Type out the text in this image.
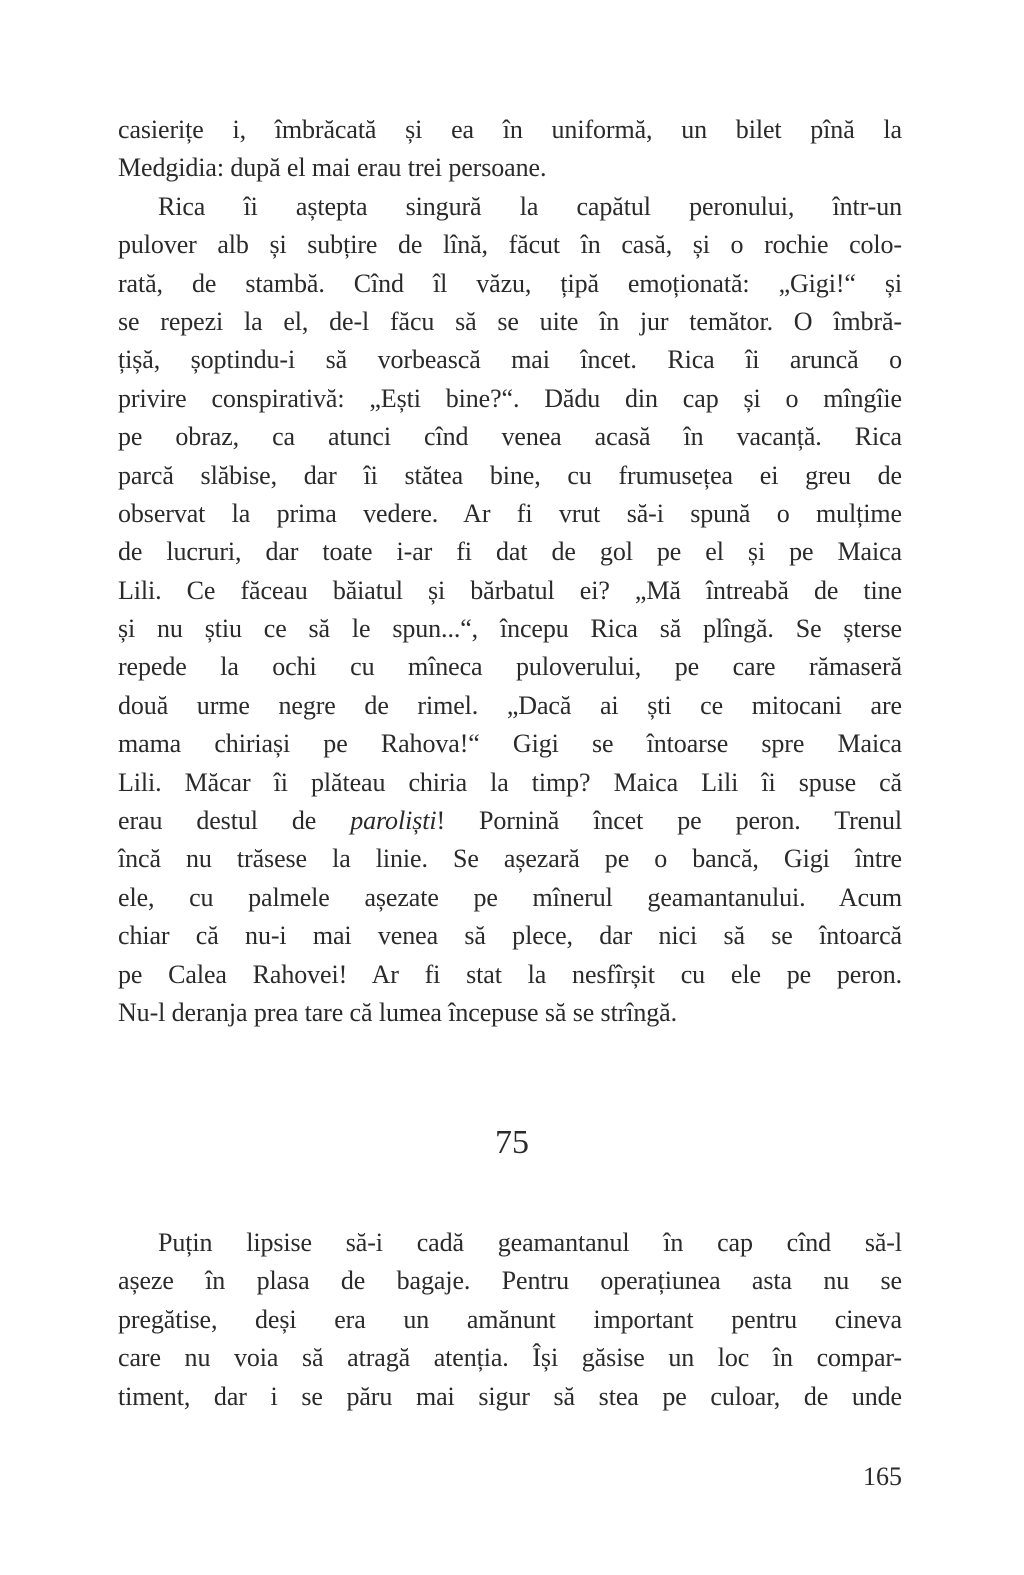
casierițe i, îmbrăcată și ea în uniformă, un bilet pînă la
Medgidia: după el mai erau trei persoane.
Rica îi aștepta singură la capătul peronului, într-un
pulover alb și subțire de lînă, făcut în casă, și o rochie colo-
rată, de stambă. Cînd îl văzu, țipă emoționată: „Gigi!“ și
se repezi la el, de-l făcu să se uite în jur temător. O îmbră-
țișă, șoptindu-i să vorbească mai încet. Rica îi aruncă o
privire conspirativă: „Ești bine?“. Dădu din cap și o mîngîie
pe obraz, ca atunci cînd venea acasă în vacanță. Rica
parcă slăbise, dar îi stătea bine, cu frumusețea ei greu de
observat la prima vedere. Ar fi vrut să-i spună o mulțime
de lucruri, dar toate i-ar fi dat de gol pe el și pe Maica
Lili. Ce făceau băiatul și bărbatul ei? „Mă întreabă de tine
și nu știu ce să le spun...“, începu Rica să plîngă. Se șterse
repede la ochi cu mîneca puloverului, pe care rămaseră
două urme negre de rimel. „Dacă ai ști ce mitocani are
mama chiriași pe Rahova!“ Gigi se întoarse spre Maica
Lili. Măcar îi plăteau chiria la timp? Maica Lili îi spuse că
erau destul de paroliști! Pornină încet pe peron. Trenul
încă nu trăsese la linie. Se așezară pe o bancă, Gigi între
ele, cu palmele așezate pe mînerul geamantanului. Acum
chiar că nu-i mai venea să plece, dar nici să se întoarcă
pe Calea Rahovei! Ar fi stat la nesfîrșit cu ele pe peron.
Nu-l deranja prea tare că lumea începuse să se strîngă.
75
Puțin lipsise să-i cadă geamantanul în cap cînd să-l
așeze în plasa de bagaje. Pentru operațiunea asta nu se
pregătise, deși era un amănunt important pentru cineva
care nu voia să atragă atenția. Își găsise un loc în compar-
timent, dar i se păru mai sigur să stea pe culoar, de unde
165
